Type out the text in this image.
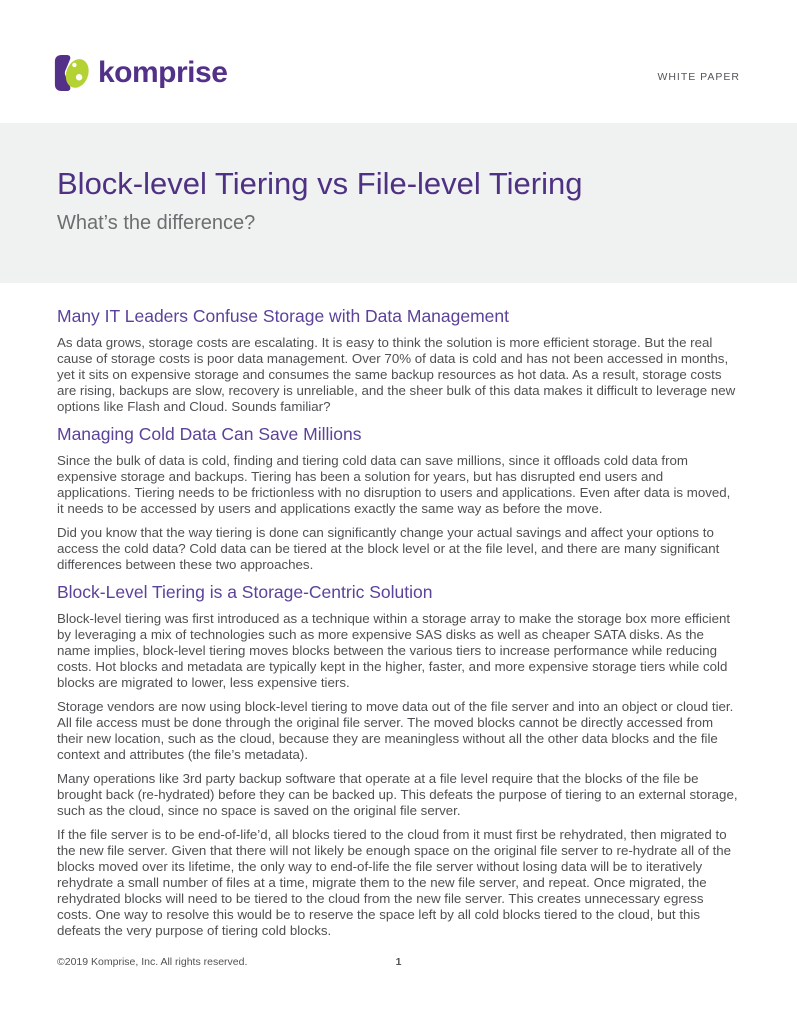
komprise	WHITE PAPER
Block-level Tiering vs File-level Tiering
What’s the difference?
Many IT Leaders Confuse Storage with Data Management

As data grows, storage costs are escalating. It is easy to think the solution is more efficient storage. But the real cause of storage costs is poor data management. Over 70% of data is cold and has not been accessed in months, yet it sits on expensive storage and consumes the same backup resources as hot data. As a result, storage costs are rising, backups are slow, recovery is unreliable, and the sheer bulk of this data makes it difficult to leverage new options like Flash and Cloud. Sounds familiar?

Managing Cold Data Can Save Millions

Since the bulk of data is cold, finding and tiering cold data can save millions, since it offloads cold data from expensive storage and backups. Tiering has been a solution for years, but has disrupted end users and applications. Tiering needs to be frictionless with no disruption to users and applications. Even after data is moved, it needs to be accessed by users and applications exactly the same way as before the move.

Did you know that the way tiering is done can significantly change your actual savings and affect your options to access the cold data? Cold data can be tiered at the block level or at the file level, and there are many significant differences between these two approaches.

Block-Level Tiering is a Storage-Centric Solution

Block-level tiering was first introduced as a technique within a storage array to make the storage box more efficient by leveraging a mix of technologies such as more expensive SAS disks as well as cheaper SATA disks. As the name implies, block-level tiering moves blocks between the various tiers to increase performance while reducing costs. Hot blocks and metadata are typically kept in the higher, faster, and more expensive storage tiers while cold blocks are migrated to lower, less expensive tiers.

Storage vendors are now using block-level tiering to move data out of the file server and into an object or cloud tier. All file access must be done through the original file server. The moved blocks cannot be directly accessed from their new location, such as the cloud, because they are meaningless without all the other data blocks and the file context and attributes (the file’s metadata).

Many operations like 3rd party backup software that operate at a file level require that the blocks of the file be brought back (re-hydrated) before they can be backed up. This defeats the purpose of tiering to an external storage, such as the cloud, since no space is saved on the original file server.

If the file server is to be end-of-life’d, all blocks tiered to the cloud from it must first be rehydrated, then migrated to the new file server. Given that there will not likely be enough space on the original file server to re-hydrate all of the blocks moved over its lifetime, the only way to end-of-life the file server without losing data will be to iteratively rehydrate a small number of files at a time, migrate them to the new file server, and repeat. Once migrated, the rehydrated blocks will need to be tiered to the cloud from the new file server. This creates unnecessary egress costs. One way to resolve this would be to reserve the space left by all cold blocks tiered to the cloud, but this defeats the very purpose of tiering cold blocks.

©2019 Komprise, Inc. All rights reserved.	1
